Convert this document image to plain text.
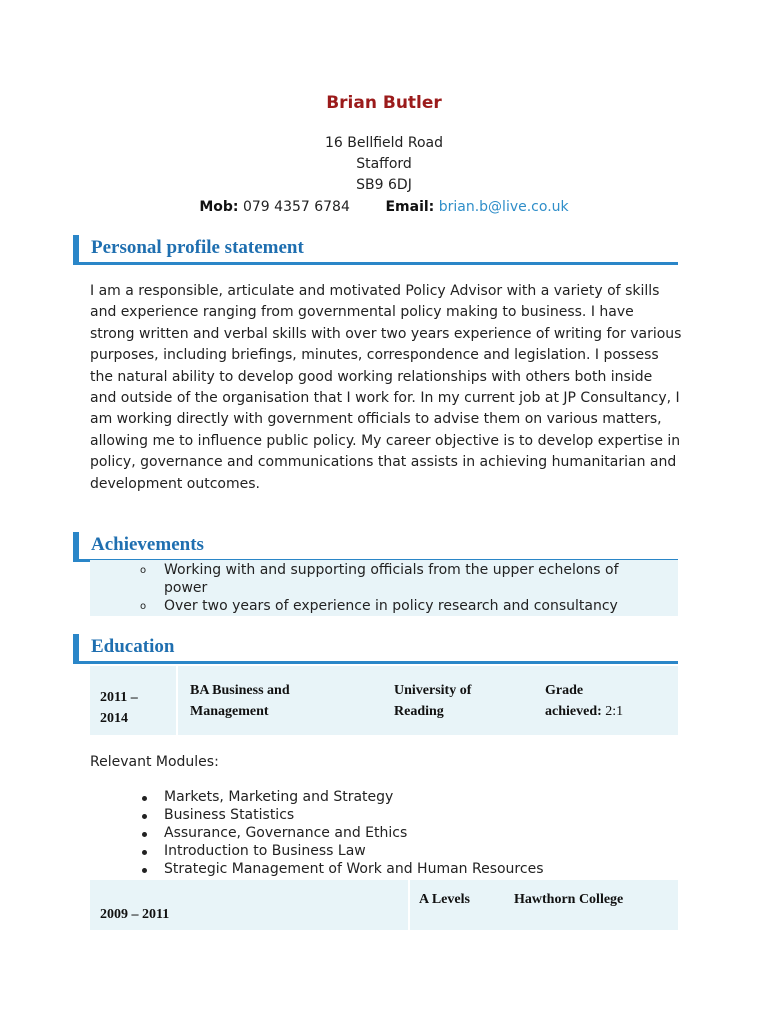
Brian Butler
16 Bellfield Road
Stafford
SB9 6DJ
Mob: 079 4357 6784	Email: brian.b@live.co.uk
Personal profile statement
I am a responsible, articulate and motivated Policy Advisor with a variety of skills and experience ranging from governmental policy making to business. I have strong written and verbal skills with over two years experience of writing for various purposes, including briefings, minutes, correspondence and legislation. I possess the natural ability to develop good working relationships with others both inside and outside of the organisation that I work for. In my current job at JP Consultancy, I am working directly with government officials to advise them on various matters, allowing me to influence public policy. My career objective is to develop expertise in policy, governance and communications that assists in achieving humanitarian and development outcomes.
Achievements
o Working with and supporting officials from the upper echelons of
power
o Over two years of experience in policy research and consultancy
Education
2011 –
2014
BA Business and
Management
University of
Reading
Grade
achieved: 2:1
Relevant Modules:
Markets, Marketing and Strategy
Business Statistics
Assurance, Governance and Ethics
Introduction to Business Law
Strategic Management of Work and Human Resources
2009 – 2011
A Levels	Hawthorn College
